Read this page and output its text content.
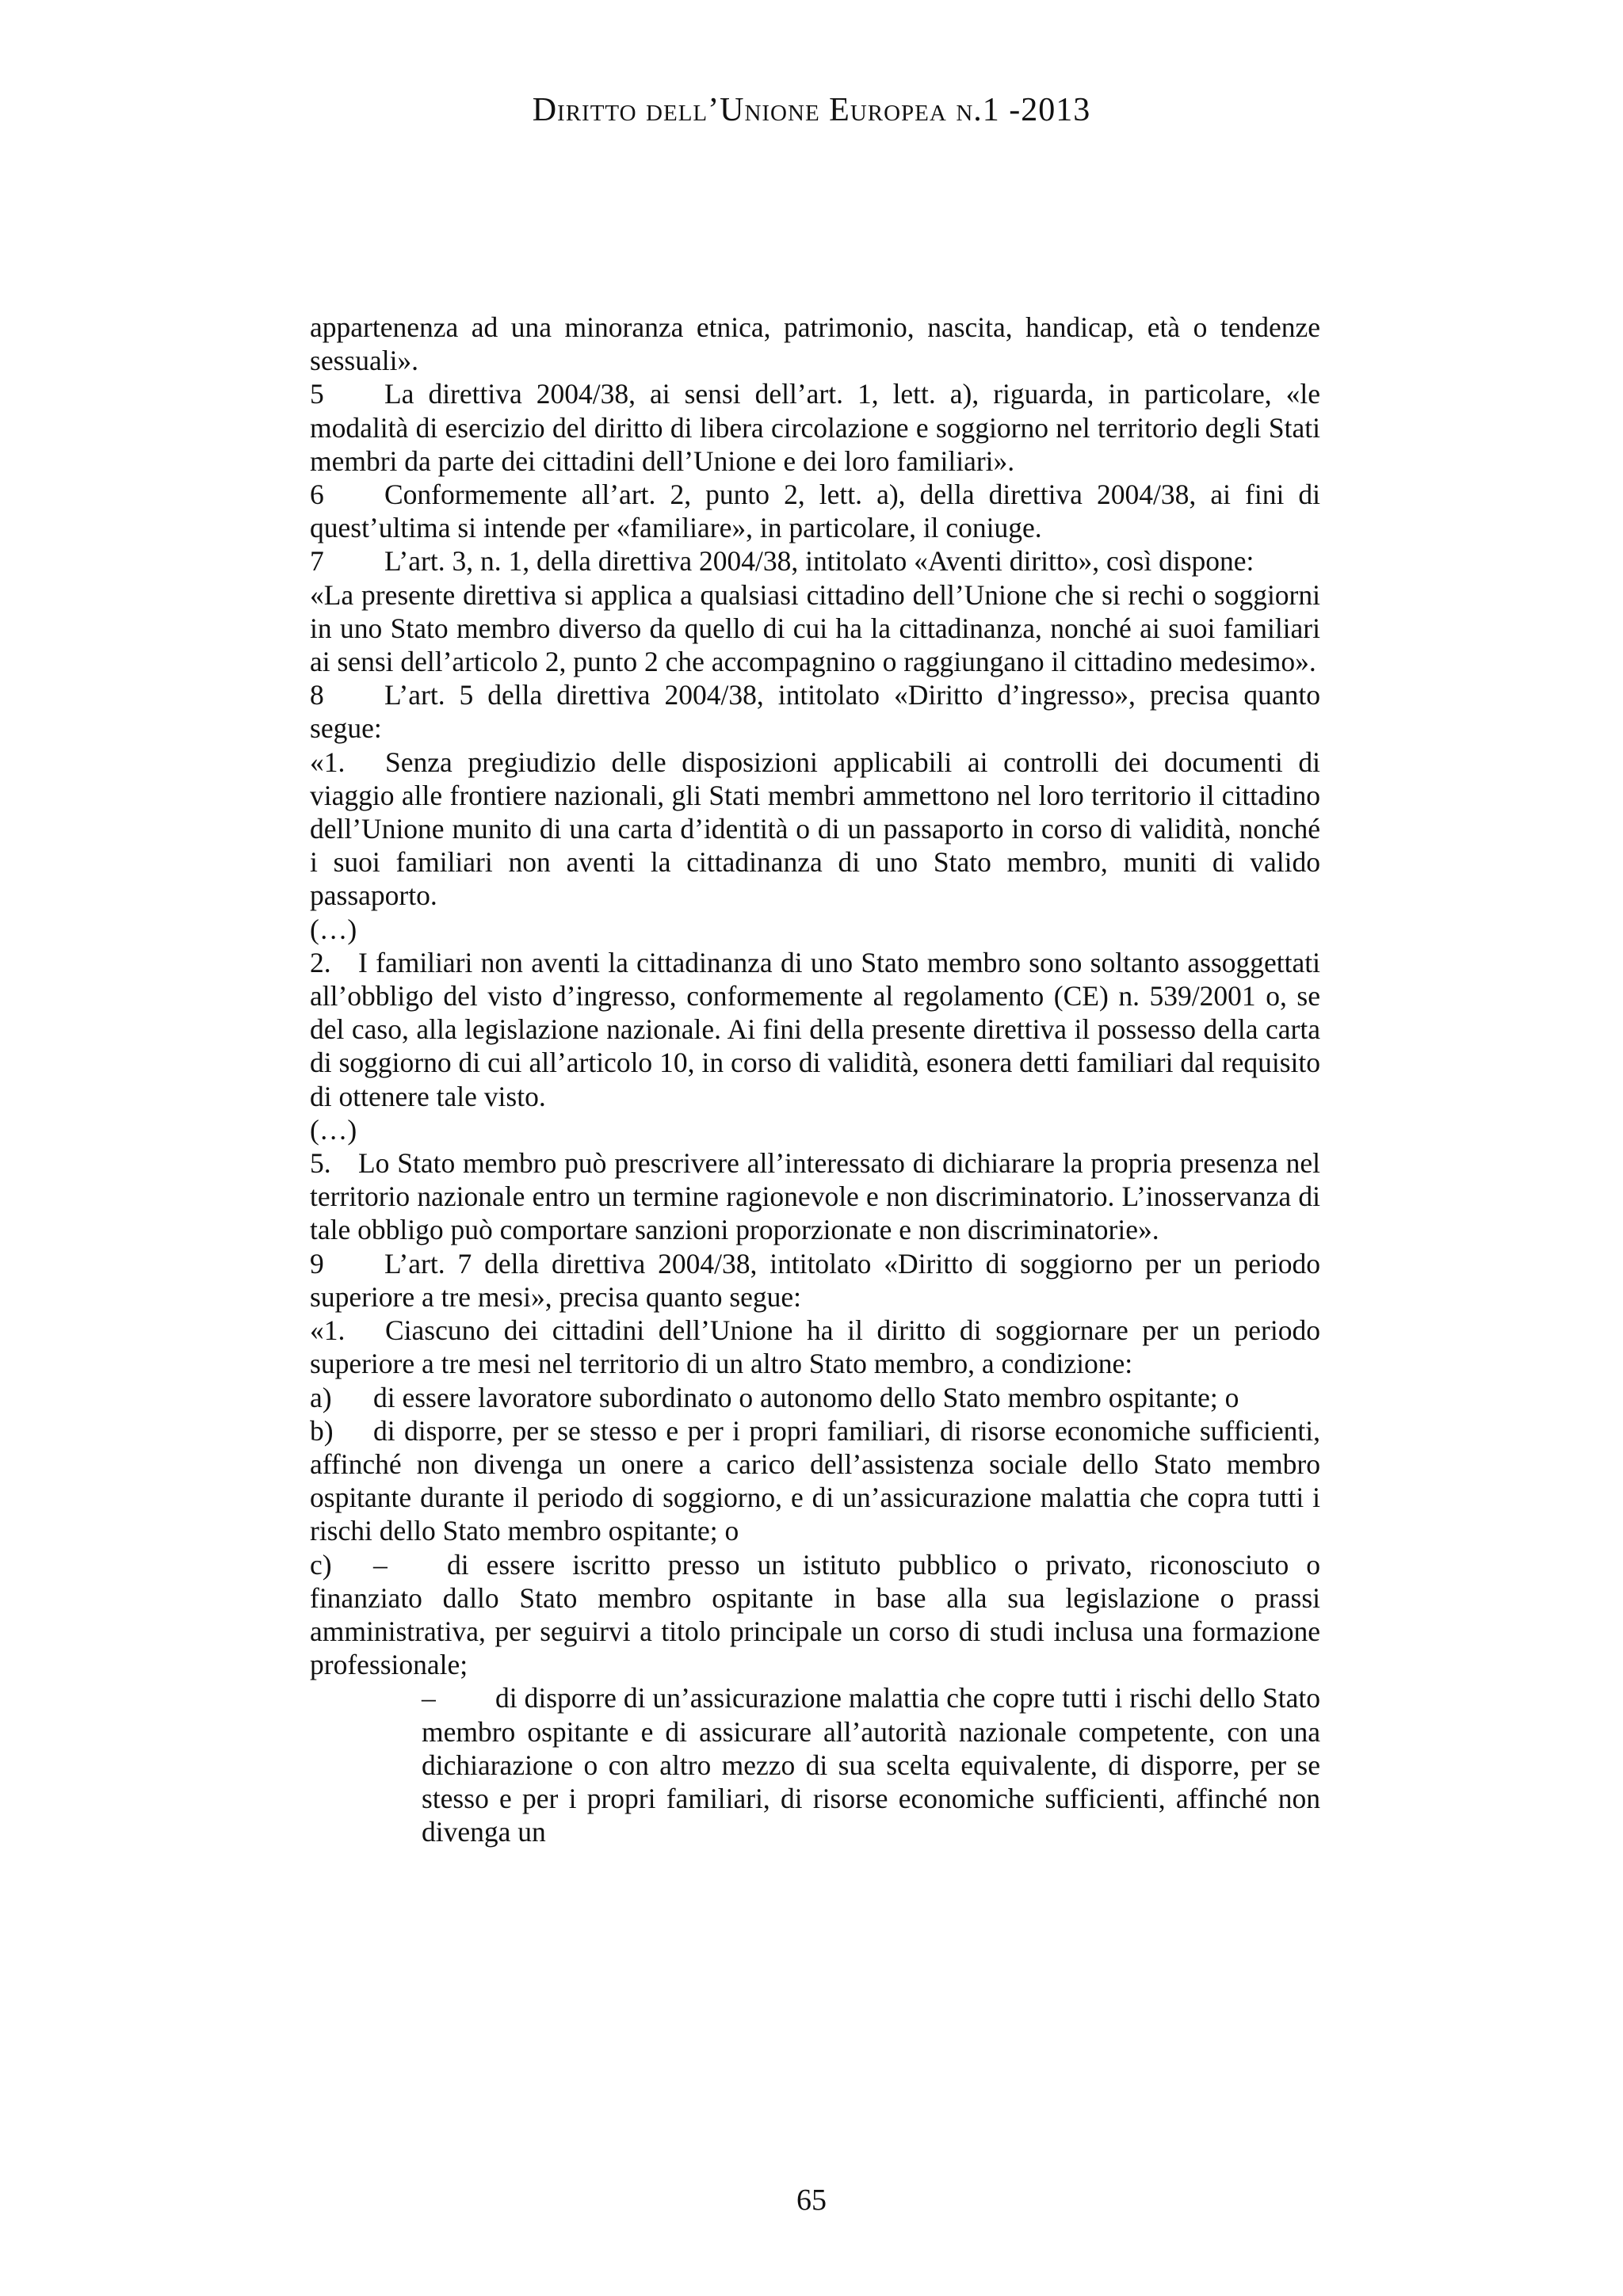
Diritto dell’Unione Europea n.1 -2013

appartenenza ad una minoranza etnica, patrimonio, nascita, handicap, età o tendenze sessuali».

5 La direttiva 2004/38, ai sensi dell’art. 1, lett. a), riguarda, in particolare, «le modalità di esercizio del diritto di libera circolazione e soggiorno nel territorio degli Stati membri da parte dei cittadini dell’Unione e dei loro familiari».

6 Conformemente all’art. 2, punto 2, lett. a), della direttiva 2004/38, ai fini di quest’ultima si intende per «familiare», in particolare, il coniuge.

7 L’art. 3, n. 1, della direttiva 2004/38, intitolato «Aventi diritto», così dispone:

«La presente direttiva si applica a qualsiasi cittadino dell’Unione che si rechi o soggiorni in uno Stato membro diverso da quello di cui ha la cittadinanza, nonché ai suoi familiari ai sensi dell’articolo 2, punto 2 che accompagnino o raggiungano il cittadino medesimo».

8 L’art. 5 della direttiva 2004/38, intitolato «Diritto d’ingresso», precisa quanto segue:

«1. Senza pregiudizio delle disposizioni applicabili ai controlli dei documenti di viaggio alle frontiere nazionali, gli Stati membri ammettono nel loro territorio il cittadino dell’Unione munito di una carta d’identità o di un passaporto in corso di validità, nonché i suoi familiari non aventi la cittadinanza di uno Stato membro, muniti di valido passaporto.

(…)

2. I familiari non aventi la cittadinanza di uno Stato membro sono soltanto assoggettati all’obbligo del visto d’ingresso, conformemente al regolamento (CE) n. 539/2001 o, se del caso, alla legislazione nazionale. Ai fini della presente direttiva il possesso della carta di soggiorno di cui all’articolo 10, in corso di validità, esonera detti familiari dal requisito di ottenere tale visto.

(…)

5. Lo Stato membro può prescrivere all’interessato di dichiarare la propria presenza nel territorio nazionale entro un termine ragionevole e non discriminatorio. L’inosservanza di tale obbligo può comportare sanzioni proporzionate e non discriminatorie».

9 L’art. 7 della direttiva 2004/38, intitolato «Diritto di soggiorno per un periodo superiore a tre mesi», precisa quanto segue:

«1. Ciascuno dei cittadini dell’Unione ha il diritto di soggiornare per un periodo superiore a tre mesi nel territorio di un altro Stato membro, a condizione:

a) di essere lavoratore subordinato o autonomo dello Stato membro ospitante; o

b) di disporre, per se stesso e per i propri familiari, di risorse economiche sufficienti, affinché non divenga un onere a carico dell’assistenza sociale dello Stato membro ospitante durante il periodo di soggiorno, e di un’assicurazione malattia che copra tutti i rischi dello Stato membro ospitante; o

c) – di essere iscritto presso un istituto pubblico o privato, riconosciuto o finanziato dallo Stato membro ospitante in base alla sua legislazione o prassi amministrativa, per seguirvi a titolo principale un corso di studi inclusa una formazione professionale;

– di disporre di un’assicurazione malattia che copre tutti i rischi dello Stato membro ospitante e di assicurare all’autorità nazionale competente, con una dichiarazione o con altro mezzo di sua scelta equivalente, di disporre, per se stesso e per i propri familiari, di risorse economiche sufficienti, affinché non divenga un

65
